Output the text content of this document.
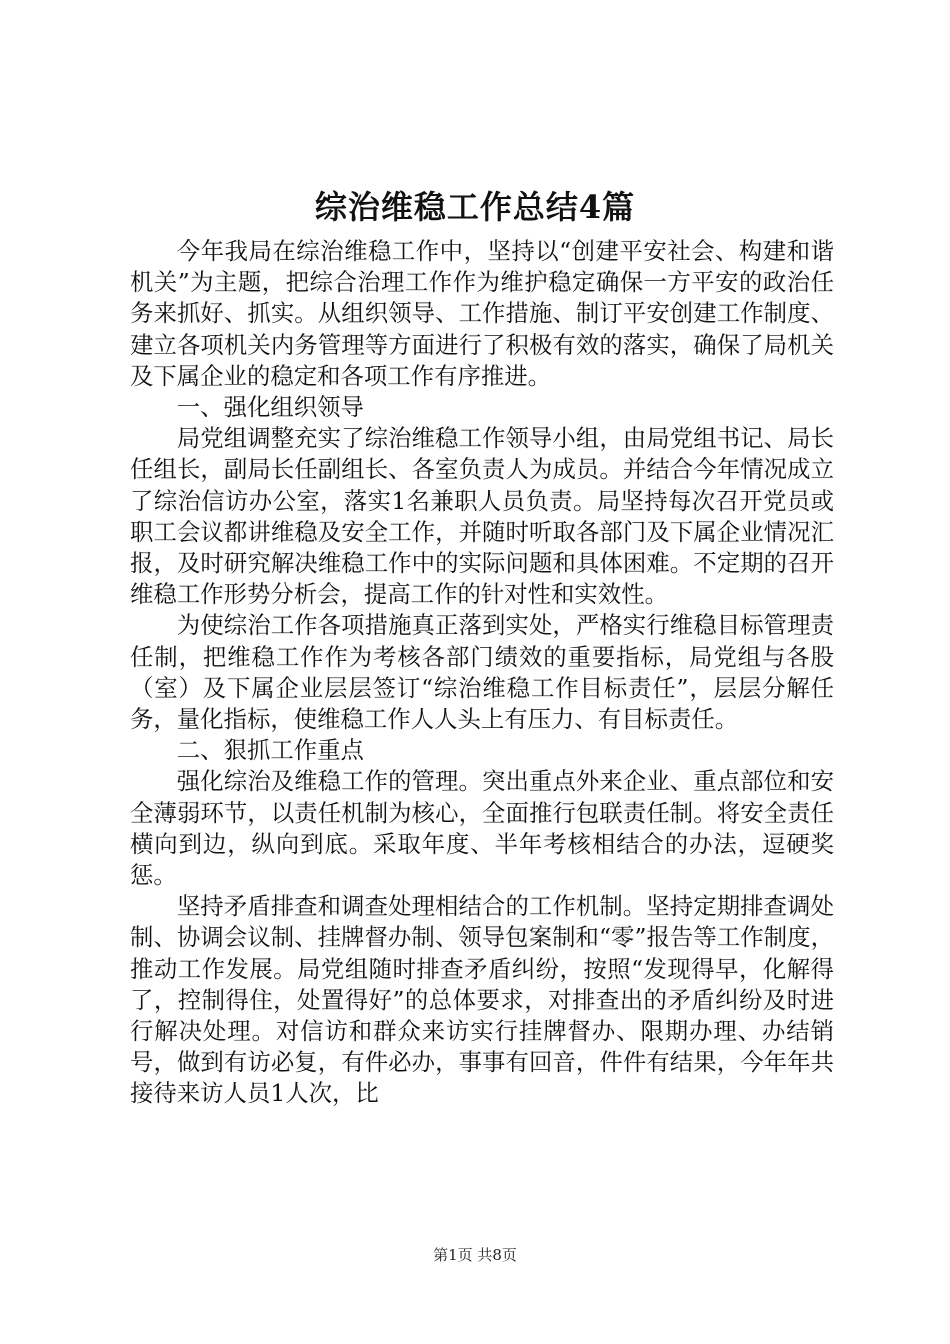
综治维稳工作总结4篇

今年我局在综治维稳工作中，坚持以“创建平安社会、构建和谐机关”为主题，把综合治理工作作为维护稳定确保一方平安的政治任务来抓好、抓实。从组织领导、工作措施、制订平安创建工作制度、建立各项机关内务管理等方面进行了积极有效的落实，确保了局机关及下属企业的稳定和各项工作有序推进。

一、强化组织领导

局党组调整充实了综治维稳工作领导小组，由局党组书记、局长任组长，副局长任副组长、各室负责人为成员。并结合今年情况成立了综治信访办公室，落实1名兼职人员负责。局坚持每次召开党员或职工会议都讲维稳及安全工作，并随时听取各部门及下属企业情况汇报，及时研究解决维稳工作中的实际问题和具体困难。不定期的召开维稳工作形势分析会，提高工作的针对性和实效性。

为使综治工作各项措施真正落到实处，严格实行维稳目标管理责任制，把维稳工作作为考核各部门绩效的重要指标，局党组与各股（室）及下属企业层层签订“综治维稳工作目标责任”，层层分解任务，量化指标，使维稳工作人人头上有压力、有目标责任。

二、狠抓工作重点

强化综治及维稳工作的管理。突出重点外来企业、重点部位和安全薄弱环节，以责任机制为核心，全面推行包联责任制。将安全责任横向到边，纵向到底。采取年度、半年考核相结合的办法，逗硬奖惩。

坚持矛盾排查和调查处理相结合的工作机制。坚持定期排查调处制、协调会议制、挂牌督办制、领导包案制和“零”报告等工作制度，推动工作发展。局党组随时排查矛盾纠纷，按照“发现得早，化解得了，控制得住，处置得好”的总体要求，对排查出的矛盾纠纷及时进行解决处理。对信访和群众来访实行挂牌督办、限期办理、办结销号，做到有访必复，有件必办，事事有回音，件件有结果，今年年共接待来访人员1人次，比

第1页 共8页
